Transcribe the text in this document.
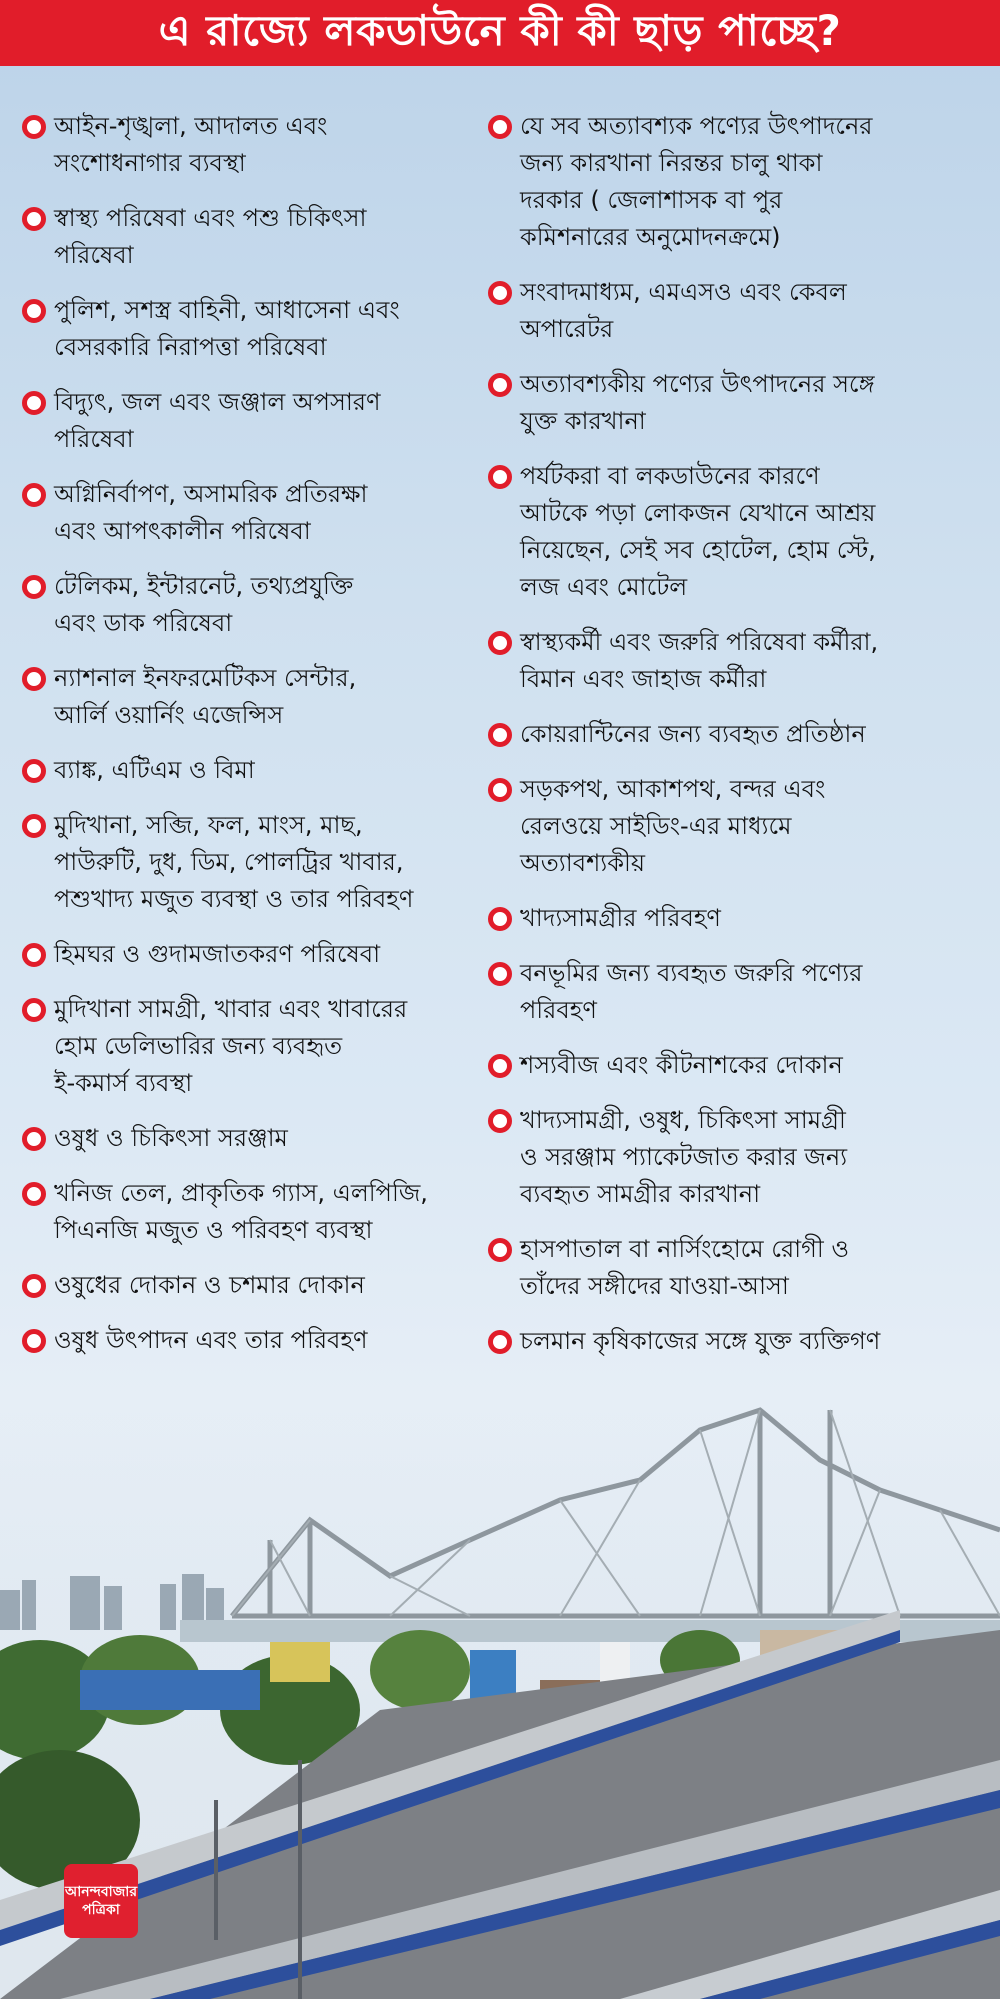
এ রাজ্যে লকডাউনে কী কী ছাড় পাচ্ছে?
আইন-শৃঙ্খলা, আদালত এবং
সংশোধনাগার ব্যবস্থা
স্বাস্থ্য পরিষেবা এবং পশু চিকিৎসা
পরিষেবা
পুলিশ, সশস্ত্র বাহিনী, আধাসেনা এবং
বেসরকারি নিরাপত্তা পরিষেবা
বিদ্যুৎ, জল এবং জঞ্জাল অপসারণ
পরিষেবা
অগ্নিনির্বাপণ, অসামরিক প্রতিরক্ষা
এবং আপৎকালীন পরিষেবা
টেলিকম, ইন্টারনেট, তথ্যপ্রযুক্তি
এবং ডাক পরিষেবা
ন্যাশনাল ইনফরমেটিকস সেন্টার,
আর্লি ওয়ার্নিং এজেন্সিস
ব্যাঙ্ক, এটিএম ও বিমা
মুদিখানা, সব্জি, ফল, মাংস, মাছ,
পাউরুটি, দুধ, ডিম, পোলট্রির খাবার,
পশুখাদ্য মজুত ব্যবস্থা ও তার পরিবহণ
হিমঘর ও গুদামজাতকরণ পরিষেবা
মুদিখানা সামগ্রী, খাবার এবং খাবারের
হোম ডেলিভারির জন্য ব্যবহৃত
ই-কমার্স ব্যবস্থা
ওষুধ ও চিকিৎসা সরঞ্জাম
খনিজ তেল, প্রাকৃতিক গ্যাস, এলপিজি,
পিএনজি মজুত ও পরিবহণ ব্যবস্থা
ওষুধের দোকান ও চশমার দোকান
ওষুধ উৎপাদন এবং তার পরিবহণ
যে সব অত্যাবশ্যক পণ্যের উৎপাদনের
জন্য কারখানা নিরন্তর চালু থাকা
দরকার ( জেলাশাসক বা পুর
কমিশনারের অনুমোদনক্রমে)
সংবাদমাধ্যম, এমএসও এবং কেবল
অপারেটর
অত্যাবশ্যকীয় পণ্যের উৎপাদনের সঙ্গে
যুক্ত কারখানা
পর্যটকরা বা লকডাউনের কারণে
আটকে পড়া লোকজন যেখানে আশ্রয়
নিয়েছেন, সেই সব হোটেল, হোম স্টে,
লজ এবং মোটেল
স্বাস্থ্যকর্মী এবং জরুরি পরিষেবা কর্মীরা,
বিমান এবং জাহাজ কর্মীরা
কোয়রান্টিনের জন্য ব্যবহৃত প্রতিষ্ঠান
সড়কপথ, আকাশপথ, বন্দর এবং
রেলওয়ে সাইডিং-এর মাধ্যমে
অত্যাবশ্যকীয়
খাদ্যসামগ্রীর পরিবহণ
বনভূমির জন্য ব্যবহৃত জরুরি পণ্যের
পরিবহণ
শস্যবীজ এবং কীটনাশকের দোকান
খাদ্যসামগ্রী, ওষুধ, চিকিৎসা সামগ্রী
ও সরঞ্জাম প্যাকেটজাত করার জন্য
ব্যবহৃত সামগ্রীর কারখানা
হাসপাতাল বা নার্সিংহোমে রোগী ও
তাঁদের সঙ্গীদের যাওয়া-আসা
চলমান কৃষিকাজের সঙ্গে যুক্ত ব্যক্তিগণ
আনন্দবাজার
পত্রিকা
